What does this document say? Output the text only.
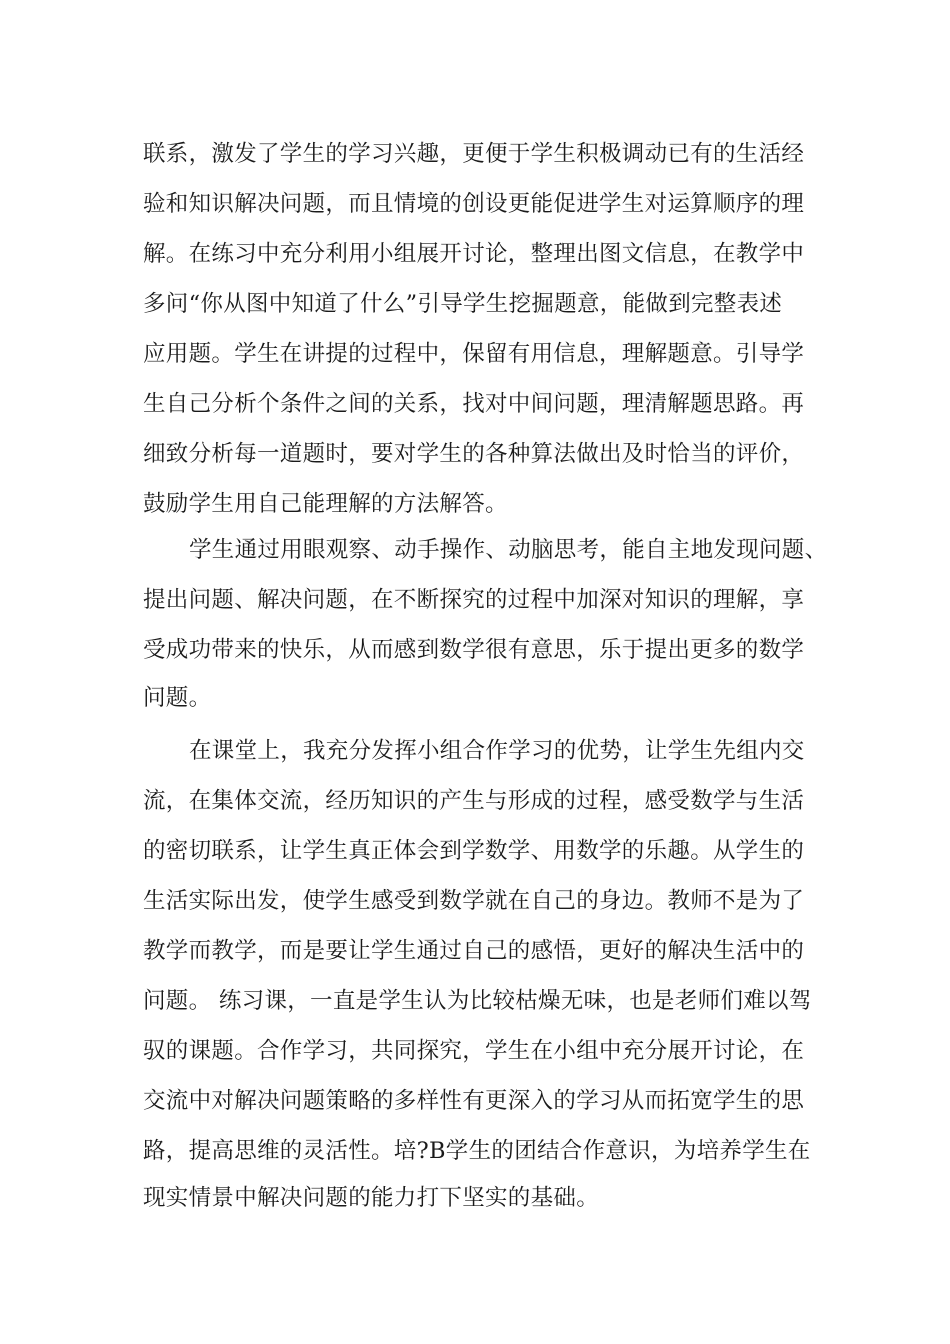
联系，激发了学生的学习兴趣，更便于学生积极调动已有的生活经
验和知识解决问题，而且情境的创设更能促进学生对运算顺序的理
解。在练习中充分利用小组展开讨论，整理出图文信息，在教学中
多问“你从图中知道了什么”引导学生挖掘题意，能做到完整表述
应用题。学生在讲提的过程中，保留有用信息，理解题意。引导学
生自己分析个条件之间的关系，找对中间问题，理清解题思路。再
细致分析每一道题时，要对学生的各种算法做出及时恰当的评价，
鼓励学生用自己能理解的方法解答。
学生通过用眼观察、动手操作、动脑思考，能自主地发现问题、
提出问题、解决问题，在不断探究的过程中加深对知识的理解，享
受成功带来的快乐，从而感到数学很有意思，乐于提出更多的数学
问题。
在课堂上，我充分发挥小组合作学习的优势，让学生先组内交
流，在集体交流，经历知识的产生与形成的过程，感受数学与生活
的密切联系，让学生真正体会到学数学、用数学的乐趣。从学生的
生活实际出发，使学生感受到数学就在自己的身边。教师不是为了
教学而教学，而是要让学生通过自己的感悟，更好的解决生活中的
问题。 练习课，一直是学生认为比较枯燥无味，也是老师们难以驾
驭的课题。合作学习，共同探究，学生在小组中充分展开讨论，在
交流中对解决问题策略的多样性有更深入的学习从而拓宽学生的思
路，提高思维的灵活性。培?B学生的团结合作意识，为培养学生在
现实情景中解决问题的能力打下坚实的基础。
